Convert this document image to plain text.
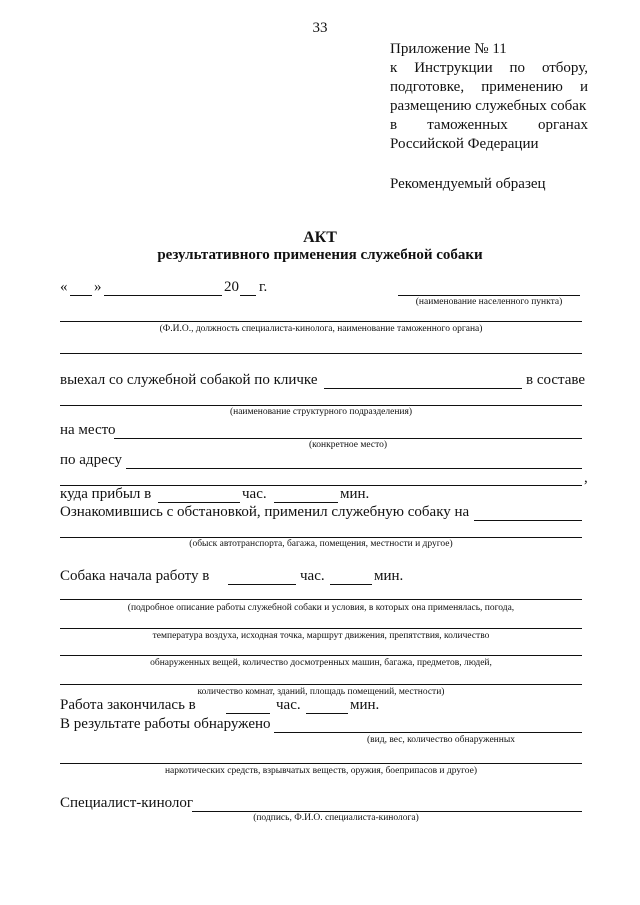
33
Приложение № 11
к Инструкции по отбору,
подготовке, применению и
размещению служебных собак
в таможенных органах
Российской Федерации
Рекомендуемый образец
АКТ
результативного применения служебной собаки
« »	20 г.
(наименование населенного пункта)
(Ф.И.О., должность специалиста-кинолога, наименование таможенного органа)
выехал со служебной собакой по кличке	в составе
(наименование структурного подразделения)
на место
(конкретное место)
по адресу
,
куда прибыл в	час.	мин.
Ознакомившись с обстановкой, применил служебную собаку на
(обыск автотранспорта, багажа, помещения, местности и другое)
Собака начала работу в	час.	мин.
(подробное описание работы служебной собаки и условия, в которых она применялась, погода,
температура воздуха, исходная точка, маршрут движения, препятствия, количество
обнаруженных вещей, количество досмотренных машин, багажа, предметов, людей,
количество комнат, зданий, площадь помещений, местности)
Работа закончилась в	час.	мин.
В результате работы обнаружено
(вид, вес, количество обнаруженных
наркотических средств, взрывчатых веществ, оружия, боеприпасов и другое)
Специалист-кинолог
(подпись, Ф.И.О. специалиста-кинолога)
